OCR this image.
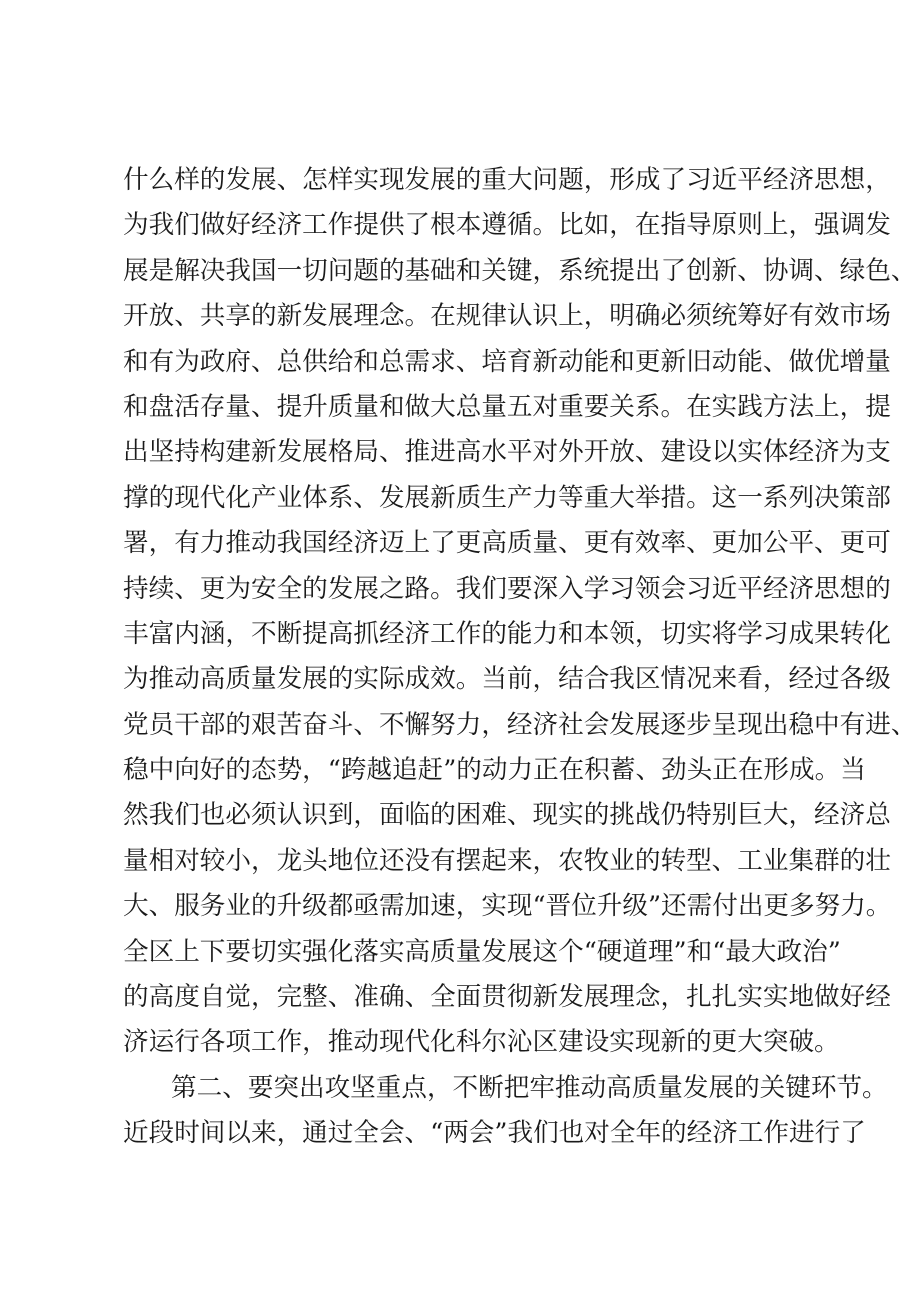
什么样的发展、怎样实现发展的重大问题，形成了习近平经济思想，
为我们做好经济工作提供了根本遵循。比如，在指导原则上，强调发
展是解决我国一切问题的基础和关键，系统提出了创新、协调、绿色、
开放、共享的新发展理念。在规律认识上，明确必须统筹好有效市场
和有为政府、总供给和总需求、培育新动能和更新旧动能、做优增量
和盘活存量、提升质量和做大总量五对重要关系。在实践方法上，提
出坚持构建新发展格局、推进高水平对外开放、建设以实体经济为支
撑的现代化产业体系、发展新质生产力等重大举措。这一系列决策部
署，有力推动我国经济迈上了更高质量、更有效率、更加公平、更可
持续、更为安全的发展之路。我们要深入学习领会习近平经济思想的
丰富内涵，不断提高抓经济工作的能力和本领，切实将学习成果转化
为推动高质量发展的实际成效。当前，结合我区情况来看，经过各级
党员干部的艰苦奋斗、不懈努力，经济社会发展逐步呈现出稳中有进、
稳中向好的态势，“跨越追赶”的动力正在积蓄、劲头正在形成。当
然我们也必须认识到，面临的困难、现实的挑战仍特别巨大，经济总
量相对较小，龙头地位还没有摆起来，农牧业的转型、工业集群的壮
大、服务业的升级都亟需加速，实现“晋位升级”还需付出更多努力。
全区上下要切实强化落实高质量发展这个“硬道理”和“最大政治”
的高度自觉，完整、准确、全面贯彻新发展理念，扎扎实实地做好经
济运行各项工作，推动现代化科尔沁区建设实现新的更大突破。
第二、要突出攻坚重点，不断把牢推动高质量发展的关键环节。
近段时间以来，通过全会、“两会”我们也对全年的经济工作进行了
